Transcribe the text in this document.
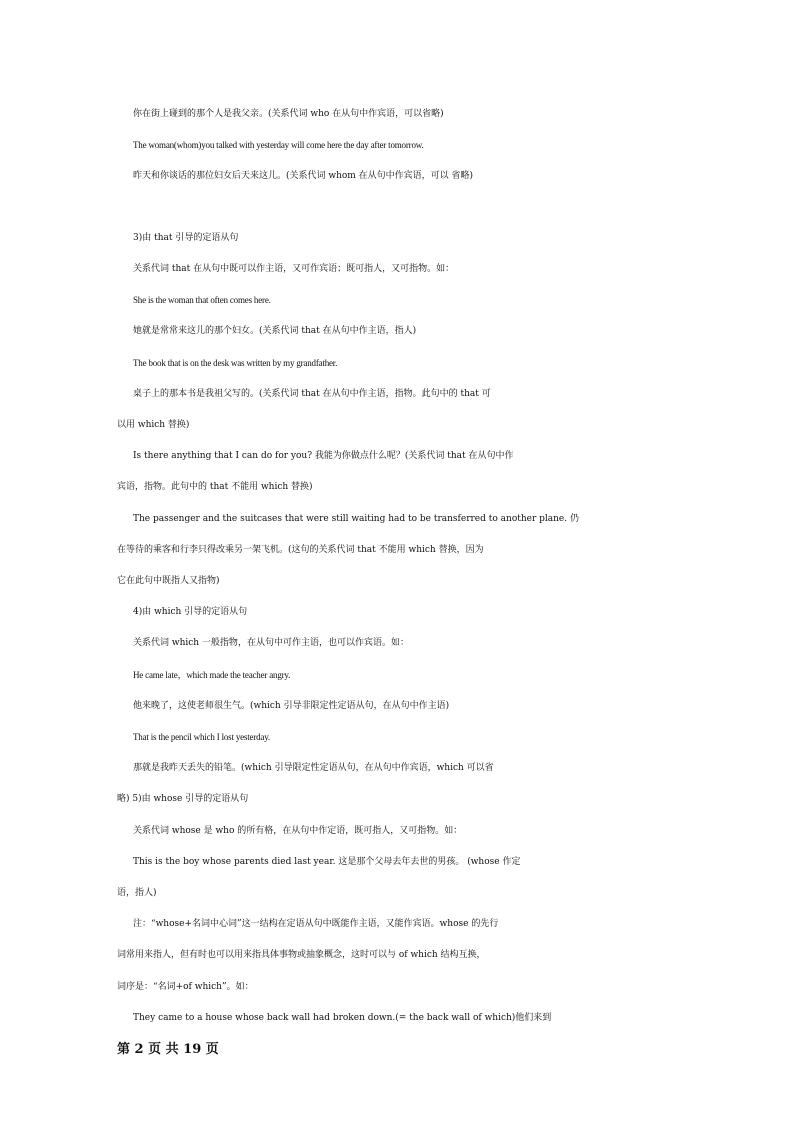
你在街上碰到的那个人是我父亲。(关系代词 who 在从句中作宾语，可以省略)
The woman(whom)you talked with yesterday will come here the day after tomorrow.
昨天和你谈话的那位妇女后天来这儿。(关系代词 whom 在从句中作宾语，可以 省略)
3)由 that 引导的定语从句
关系代词 that 在从句中既可以作主语，又可作宾语；既可指人，又可指物。如：
She is the woman that often comes here.
她就是常常来这儿的那个妇女。(关系代词 that 在从句中作主语，指人)
The book that is on the desk was written by my grandfather.
桌子上的那本书是我祖父写的。(关系代词 that 在从句中作主语，指物。此句中的 that 可
以用 which 替换)
Is there anything that I can do for you? 我能为你做点什么呢？(关系代词 that 在从句中作
宾语，指物。此句中的 that 不能用 which 替换)
The passenger and the suitcases that were still waiting had to be transferred to another plane. 仍
在等待的乘客和行李只得改乘另一架飞机。(这句的关系代词 that 不能用 which 替换，因为
它在此句中既指人又指物)
4)由 which 引导的定语从句
关系代词 which 一般指物，在从句中可作主语，也可以作宾语。如：
He came late，which made the teacher angry.
他来晚了，这使老师很生气。(which 引导非限定性定语从句，在从句中作主语)
That is the pencil which I lost yesterday.
那就是我昨天丢失的铅笔。(which 引导限定性定语从句，在从句中作宾语，which 可以省
略) 5)由 whose 引导的定语从句
关系代词 whose 是 who 的所有格，在从句中作定语，既可指人，又可指物。如：
This is the boy whose parents died last year. 这是那个父母去年去世的男孩。 (whose 作定
语，指人)
注：“whose+名词中心词”这一结构在定语从句中既能作主语，又能作宾语。whose 的先行
词常用来指人，但有时也可以用来指具体事物或抽象概念，这时可以与 of which 结构互换，
词序是：“名词+of which”。如：
They came to a house whose back wall had broken down.(= the back wall of which)他们来到
第 2 页 共 19 页
